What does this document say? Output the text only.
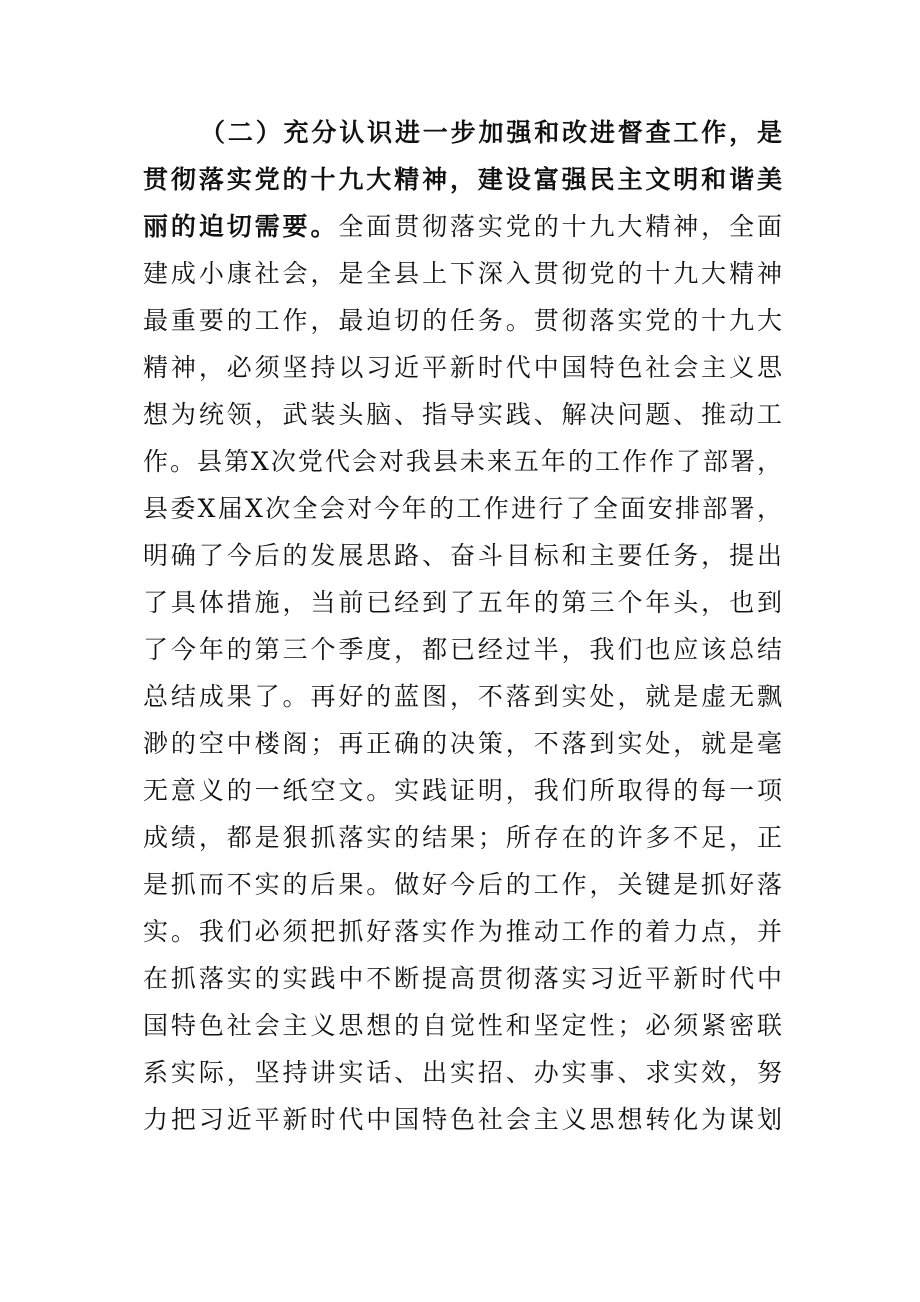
（二）充分认识进一步加强和改进督查工作，是
贯彻落实党的十九大精神，建设富强民主文明和谐美
丽的迫切需要。全面贯彻落实党的十九大精神，全面
建成小康社会，是全县上下深入贯彻党的十九大精神
最重要的工作，最迫切的任务。贯彻落实党的十九大
精神，必须坚持以习近平新时代中国特色社会主义思
想为统领，武装头脑、指导实践、解决问题、推动工
作。县第X次党代会对我县未来五年的工作作了部署，
县委X届X次全会对今年的工作进行了全面安排部署，
明确了今后的发展思路、奋斗目标和主要任务，提出
了具体措施，当前已经到了五年的第三个年头，也到
了今年的第三个季度，都已经过半，我们也应该总结
总结成果了。再好的蓝图，不落到实处，就是虚无飘
渺的空中楼阁；再正确的决策，不落到实处，就是毫
无意义的一纸空文。实践证明，我们所取得的每一项
成绩，都是狠抓落实的结果；所存在的许多不足，正
是抓而不实的后果。做好今后的工作，关键是抓好落
实。我们必须把抓好落实作为推动工作的着力点，并
在抓落实的实践中不断提高贯彻落实习近平新时代中
国特色社会主义思想的自觉性和坚定性；必须紧密联
系实际，坚持讲实话、出实招、办实事、求实效，努
力把习近平新时代中国特色社会主义思想转化为谋划
